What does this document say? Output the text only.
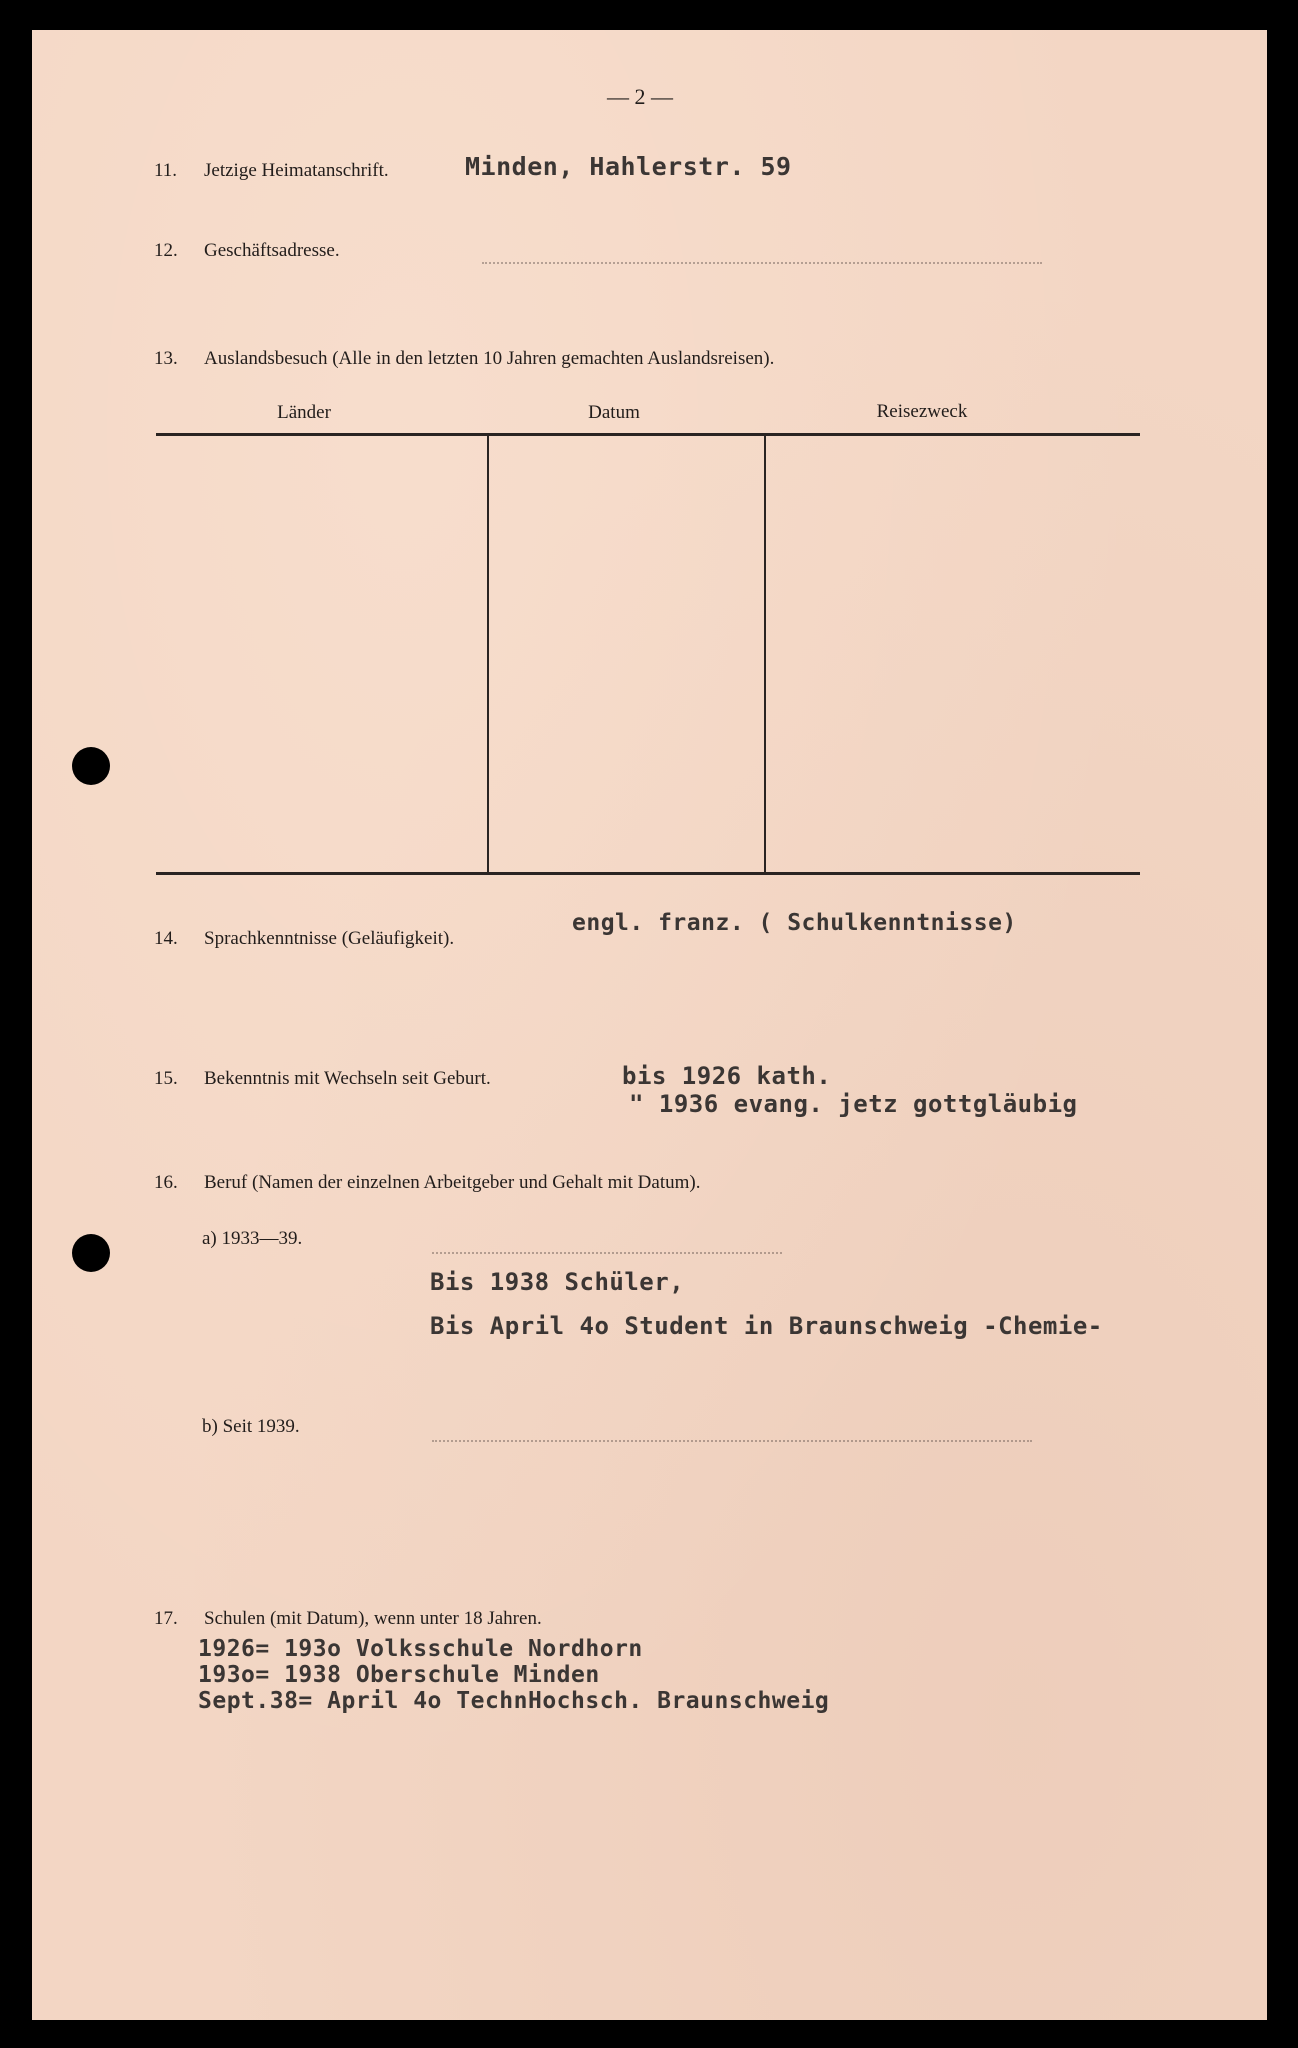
— 2 —
11. Jetzige Heimatanschrift.	Minden, Hahlerstr. 59
12. Geschäftsadresse.
13. Auslandsbesuch (Alle in den letzten 10 Jahren gemachten Auslandsreisen).
Länder	Datum	Reisezweck
14. Sprachkenntnisse (Geläufigkeit).
engl. franz. ( Schulkenntnisse)
15. Bekenntnis mit Wechseln seit Geburt.	bis 1926 kath.
" 1936 evang. jetz gottgläubig
16. Beruf (Namen der einzelnen Arbeitgeber und Gehalt mit Datum).
a) 1933—39.
Bis 1938 Schüler,
Bis April 4o Student in Braunschweig -Chemie-
b) Seit 1939.
17. Schulen (mit Datum), wenn unter 18 Jahren.
1926= 193o Volksschule Nordhorn
193o= 1938 Oberschule Minden
Sept.38= April 4o TechnHochsch. Braunschweig
